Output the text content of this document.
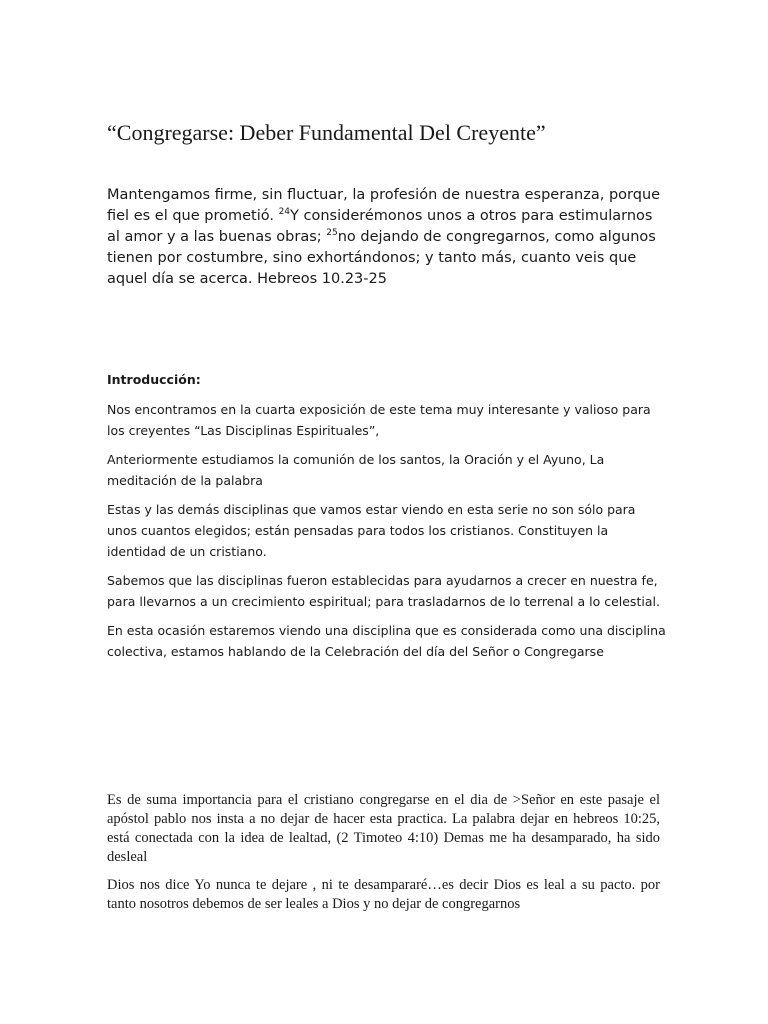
“Congregarse: Deber Fundamental Del Creyente”

Mantengamos firme, sin fluctuar, la profesión de nuestra esperanza, porque fiel es el que prometió. $^{24}$Y considerémonos unos a otros para estimularnos al amor y a las buenas obras; $^{25}$no dejando de congregarnos, como algunos tienen por costumbre, sino exhortándonos; y tanto más, cuanto veis que aquel día se acerca. Hebreos 10.23-25

Introducción:

Nos encontramos en la cuarta exposición de este tema muy interesante y valioso para los creyentes “Las Disciplinas Espirituales”,

Anteriormente estudiamos la comunión de los santos, la Oración y el Ayuno, La meditación de la palabra

Estas y las demás disciplinas que vamos estar viendo en esta serie no son sólo para unos cuantos elegidos; están pensadas para todos los cristianos. Constituyen la identidad de un cristiano.

Sabemos que las disciplinas fueron establecidas para ayudarnos a crecer en nuestra fe, para llevarnos a un crecimiento espiritual; para trasladarnos de lo terrenal a lo celestial.

En esta ocasión estaremos viendo una disciplina que es considerada como una disciplina colectiva, estamos hablando de la Celebración del día del Señor o Congregarse

Es de suma importancia para el cristiano congregarse en el dia de >Señor en este pasaje el apóstol pablo nos insta a no dejar de hacer esta practica. La palabra dejar en hebreos 10:25, está conectada con la idea de lealtad, (2 Timoteo 4:10) Demas me ha desamparado, ha sido desleal

Dios nos dice Yo nunca te dejare , ni te desampararé…es decir Dios es leal a su pacto. por tanto nosotros debemos de ser leales a Dios y no dejar de congregarnos
